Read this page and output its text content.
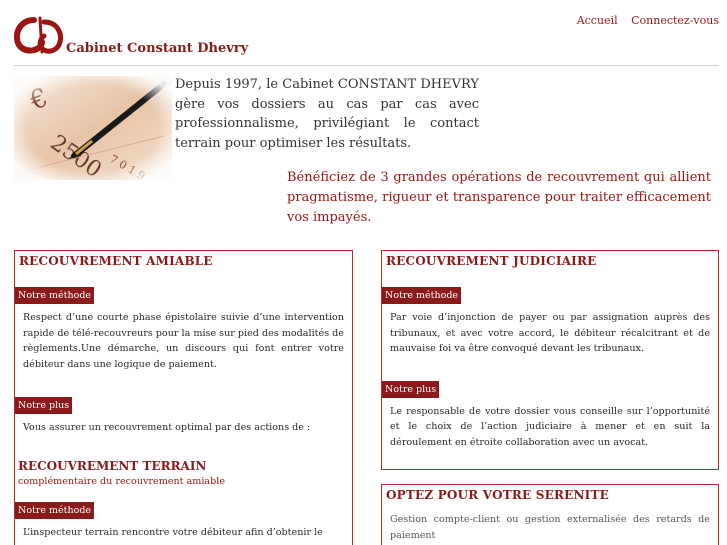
Cabinet Constant Dhevry
Accueil Connectez-vous

Depuis 1997, le Cabinet CONSTANT DHEVRY gère vos dossiers au cas par cas avec professionnalisme, privilégiant le contact terrain pour optimiser les résultats.

Bénéficiez de 3 grandes opérations de recouvrement qui allient pragmatisme, rigueur et transparence pour traiter efficacement vos impayés.

RECOUVREMENT AMIABLE
Notre méthode

Respect d’une courte phase épistolaire suivie d’une intervention rapide de télé-recouvreurs pour la mise sur pied des modalités de règlements.Une démarche, un discours qui font entrer votre débiteur dans une logique de paiement.

Notre plus

Vous assurer un recouvrement optimal par des actions de :

RECOUVREMENT TERRAIN
complémentaire du recouvrement amiable
Notre méthode

L’inspecteur terrain rencontre votre débiteur afin d’obtenir le

RECOUVREMENT JUDICIAIRE
Notre méthode

Par voie d’injonction de payer ou par assignation auprès des tribunaux, et avec votre accord, le débiteur récalcitrant et de mauvaise foi va être convoqué devant les tribunaux.

Notre plus

Le responsable de votre dossier vous conseille sur l’opportunité et le choix de l’action judiciaire à mener et en suit la déroulement en étroite collaboration avec un avocat.

OPTEZ POUR VOTRE SERENITE

Gestion compte-client ou gestion externalisée des retards de paiement
